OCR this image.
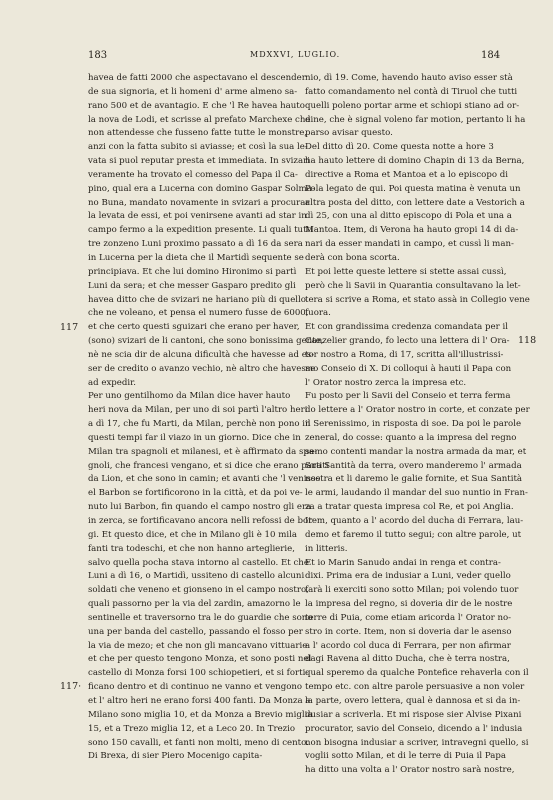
183	MDXXVI, LUGLIO.	184
117
117·
118
havea de fatti 2000 che aspectavano el descender
de sua signoria, et li homeni d' arme almeno sa-
rano 500 et de avantagio. E che 'l Re havea hauto
la nova de Lodi, et scrisse al prefato Marchexe che
non attendesse che fusseno fatte tutte le monstre,
anzi con la fatta subito si aviasse; et così la sua le-
vata si puol reputar presta et immediata. In svizari
veramente ha trovato el comesso del Papa il Ca-
pino, qual era a Lucerna con domino Gaspar Solma-
no Buna, mandato novamente in svizari a procurar
la levata de essi, et poi venirsene avanti ad star in
campo fermo a la expedition presente. Li quali tutti
tre zonzeno Luni proximo passato a dì 16 da sera
in Lucerna per la dieta che il Martidì sequente se
principiava. Et che lui domino Hironimo si partì
Luni da sera; et che messer Gasparo predito gli
havea ditto che de svizari ne hariano più di quello
che ne voleano, et pensa el numero fusse de 6000,
et che certo questi sguizari che erano per haver,
(sono) svizari de li cantoni, che sono bonissima gente,
nè ne scia dir de alcuna dificultà che havesse ad es-
ser de credito o avanzo vechio, nè altro che havesse
ad expedir.
Per uno gentilhomo da Milan dice haver hauto
heri nova da Milan, per uno di soi partì l'altro heri
a dì 17, che fu Marti, da Milan, perchè non pono in
questi tempi far il viazo in un giorno. Dice che in
Milan tra spagnoli et milanesi, et è affirmato da spa-
gnoli, che francesi vengano, et si dice che erano partiti
da Lion, et che sono in camin; et avanti che 'l venisse
el Barbon se fortificorono in la città, et da poi ve-
nuto lui Barbon, fin quando el campo nostro gli era
in zerca, se fortificavano ancora nelli refossi de bor-
gi. Et questo dice, et che in Milano gli è 10 mila
fanti tra todeschi, et che non hanno arteglierie,
salvo quella pocha stava intorno al castello. Et che
Luni a dì 16, o Martidì, ussiteno di castello alcuni
soldati che veneno et gionseno in el campo nostro,
quali passorno per la via del zardin, amazorno le
sentinelle et traversorno tra le do guardie che sono
una per banda del castello, passando el fosso per
la via de mezo; et che non gli mancavano vittuarie
et che per questo tengono Monza, et sono posti nel
castello di Monza forsi 100 schiopetieri, et si forti-
ficano dentro et di continuo ne vanno et vengono
et l' altro heri ne erano forsi 400 fanti. Da Monza a
Milano sono miglia 10, et da Monza a Brevio miglia
15, et a Trezo miglia 12, et a Leco 20. In Trezio
sono 150 cavalli, et fanti non molti, meno di cento.
Di Brexa, di sier Piero Mocenigo capita-
nio, dì 19. Come, havendo hauto aviso esser stà
fatto comandamento nel contà di Tiruol che tutti
quelli poleno portar arme et schiopi stiano ad or-
dine, che è signal voleno far motion, pertanto li ha
parso avisar questo.
Del ditto dì 20. Come questa notte a hore 3
ha hauto lettere di domino Chapin di 13 da Berna,
directive a Roma et Mantoa et a lo episcopo di
Pola legato de qui. Poi questa matina è venuta un
altra posta del ditto, con lettere date a Vestorich a
dì 25, con una al ditto episcopo di Pola et una a
Mantoa. Item, di Verona ha hauto gropi 14 di da-
nari da esser mandati in campo, et cussì li man-
derà con bona scorta.
Et poi lette queste lettere si stette assai cussì,
però che li Savii in Quarantia consultavano la let-
tera si scrive a Roma, et stato assà in Collegio vene
fuora.
Et con grandissima credenza comandata per il
Canzelier grando, fo lecto una lettera di l' Ora-
tor nostro a Roma, di 17, scritta all'illustrissi-
mo Conseio di X. Di colloqui à hauti il Papa con
l' Orator nostro zerca la impresa etc.
Fu posto per li Savii del Conseio et terra ferma
do lettere a l' Orator nostro in corte, et conzate per
il Serenissimo, in risposta di soe. Da poi le parole
zeneral, do cosse: quanto a la impresa del regno
semo contenti mandar la nostra armada da mar, et
Sua Santità da terra, overo manderemo l' armada
nostra et li daremo le galie fornite, et Sua Santità
le armi, laudando il mandar del suo nuntio in Fran-
za a tratar questa impresa col Re, et poi Anglia.
Item, quanto a l' acordo del ducha di Ferrara, lau-
demo et faremo il tutto segui; con altre parole, ut
in litteris.
Et io Marin Sanudo andai in renga et contra-
dixi. Prima era de indusiar a Luni, veder quello
farà li exerciti sono sotto Milan; poi volendo tuor
la impresa del regno, si doveria dir de le nostre
terre di Puia, come etiam aricorda l' Orator no-
stro in corte. Item, non si doveria dar le asenso
a l' acordo col duca di Ferrara, per non afirmar
dagi Ravena al ditto Ducha, che è terra nostra,
qual speremo da qualche Pontefice rehaverla con il
tempo etc. con altre parole persuasive a non voler
la parte, overo lettera, qual è dannosa et si da in-
dusiar a scriverla. Et mi rispose sier Alvise Pixani
procurator, savio del Conseio, dicendo a l' indusia
non bisogna indusiar a scriver, intravegni quello, si
voglii sotto Milan, et di le terre di Puia il Papa
ha ditto una volta a l' Orator nostro sarà nostre,
